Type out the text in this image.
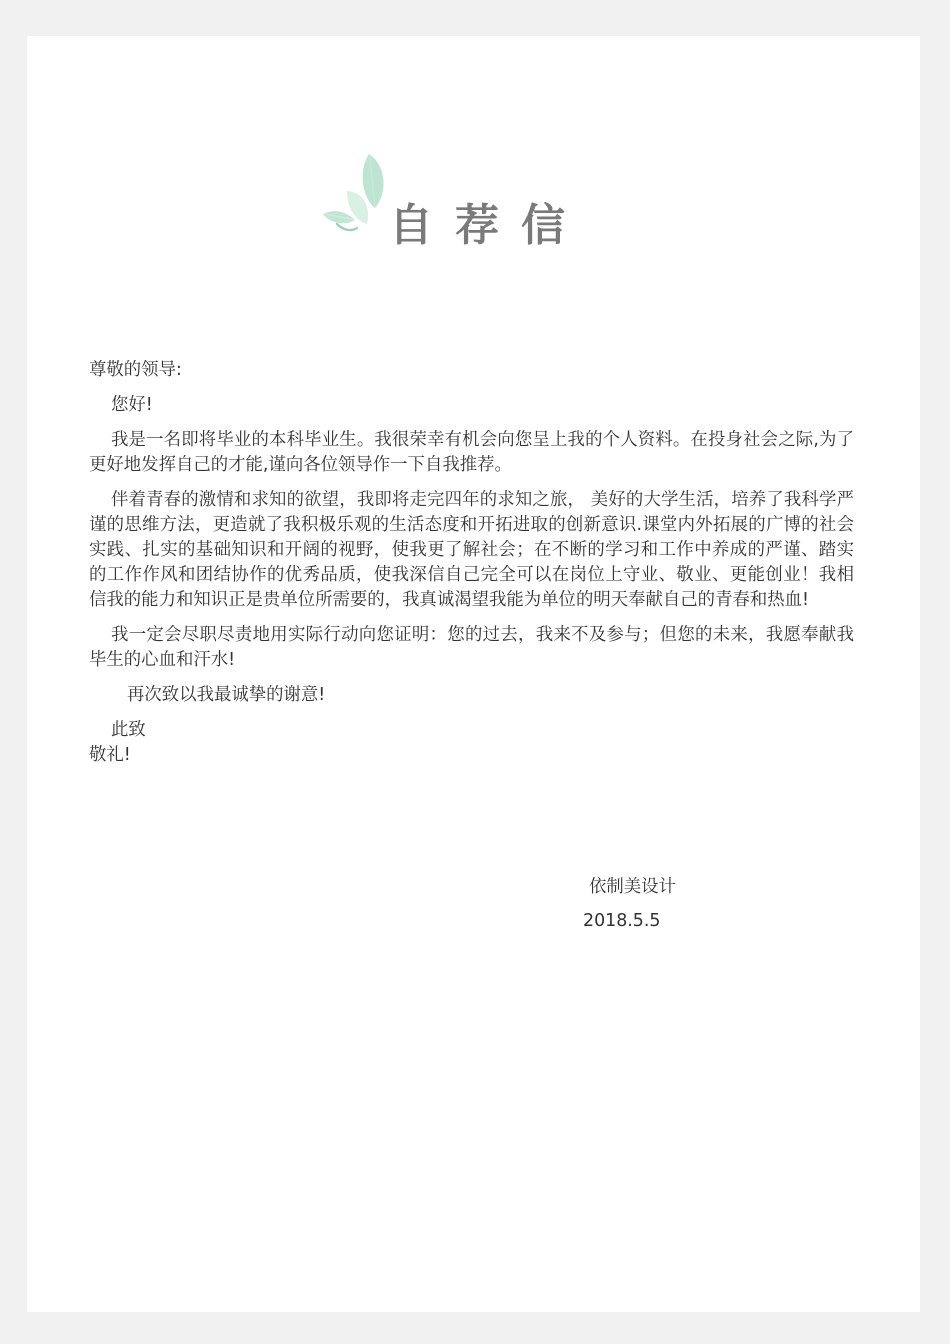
自荐信

尊敬的领导:

您好!

我是一名即将毕业的本科毕业生。我很荣幸有机会向您呈上我的个人资料。在投身社会之际,为了更好地发挥自己的才能,谨向各位领导作一下自我推荐。

伴着青春的激情和求知的欲望，我即将走完四年的求知之旅， 美好的大学生活，培养了我科学严谨的思维方法，更造就了我积极乐观的生活态度和开拓进取的创新意识.课堂内外拓展的广博的社会实践、扎实的基础知识和开阔的视野，使我更了解社会；在不断的学习和工作中养成的严谨、踏实的工作作风和团结协作的优秀品质，使我深信自己完全可以在岗位上守业、敬业、更能创业！我相信我的能力和知识正是贵单位所需要的，我真诚渴望我能为单位的明天奉献自己的青春和热血!

我一定会尽职尽责地用实际行动向您证明：您的过去，我来不及参与；但您的未来，我愿奉献我毕生的心血和汗水!

再次致以我最诚挚的谢意!

此致

敬礼!

依制美设计

2018.5.5
